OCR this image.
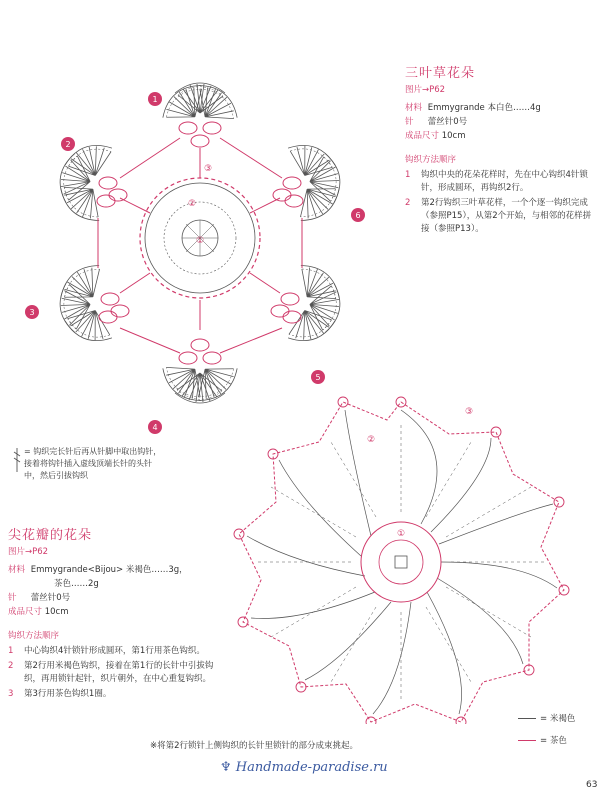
1
2
3
4
5
6
①
②
③
三叶草花朵
图片→P62
材料 Emmygrande 本白色……4g
针 蕾丝针0号
成品尺寸 10cm
钩织方法顺序
1 钩织中央的花朵花样时，先在中心钩织4针锁针，形成圆环，再钩织2行。
2 第2行钩织三叶草花样，一个个逐一钩织完成（参照P15），从第2个开始，与相邻的花样拼接（参照P13）。
= 钩织完长针后再从针脚中取出钩针，接着将钩针插入虚线顶端长针的头针中，然后引拔钩织
尖花瓣的花朵
图片→P62
材料 Emmygrande<Bijou> 米褐色……3g，
茶色……2g
针 蕾丝针0号
成品尺寸 10cm
钩织方法顺序
1 中心钩织4针锁针形成圆环，第1行用茶色钩织。
2 第2行用米褐色钩织，接着在第1行的长针中引拔钩织，再用锁针起针，织片朝外，在中心重复钩织。
3 第3行用茶色钩织1圈。
①
②
③
= 米褐色
= 茶色
※将第2行锁针上侧钩织的长针里锁针的部分成束挑起。
♆ Handmade-paradise.ru
63
